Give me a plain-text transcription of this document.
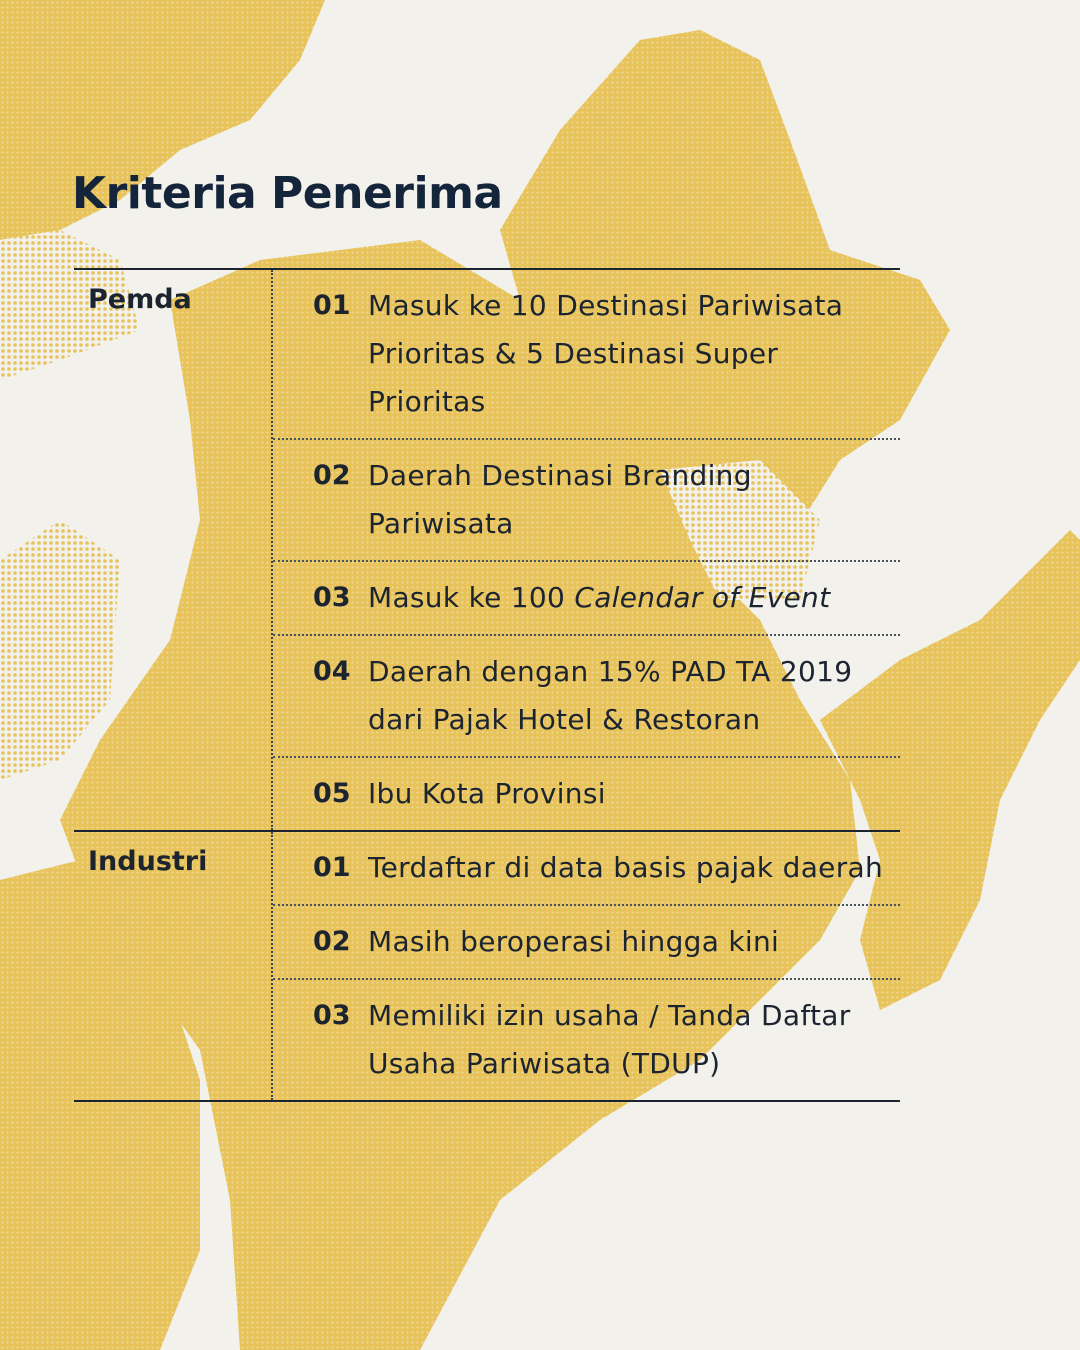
Kriteria Penerima
Pemda	01 Masuk ke 10 Destinasi Pariwisata Prioritas & 5 Destinasi Super Prioritas
02 Daerah Destinasi Branding Pariwisata
03 Masuk ke 100 Calendar of Event
04 Daerah dengan 15% PAD TA 2019 dari Pajak Hotel & Restoran
05 Ibu Kota Provinsi
Industri	01 Terdaftar di data basis pajak daerah
02 Masih beroperasi hingga kini
03 Memiliki izin usaha / Tanda Daftar Usaha Pariwisata (TDUP)
